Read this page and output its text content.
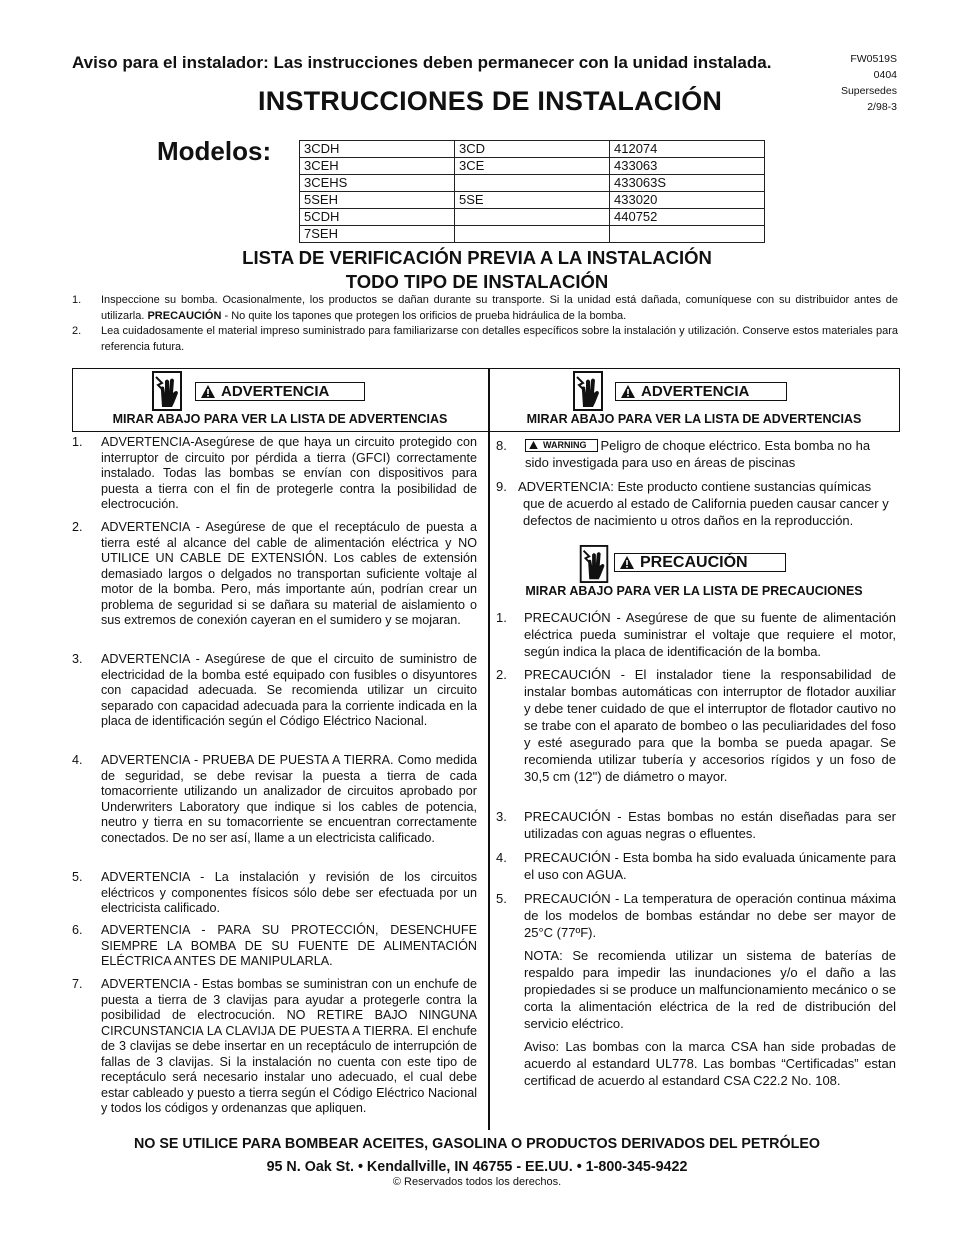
Aviso para el instalador: Las instrucciones deben permanecer con la unidad instalada.	FW0519S
0404
Supersedes
2/98-3
INSTRUCCIONES DE INSTALACIÓN
Modelos:	3CDH	3CD	412074
3CEH	3CE	433063
3CEHS		433063S
5SEH	5SE	433020
5CDH		440752
7SEH		
LISTA DE VERIFICACIÓN PREVIA A LA INSTALACIÓN
TODO TIPO DE INSTALACIÓN
1. Inspeccione su bomba. Ocasionalmente, los productos se dañan durante su transporte. Si la unidad está dañada, comuníquese con su distribuidor antes de utilizarla. PRECAUCIÓN - No quite los tapones que protegen los orificios de prueba hidráulica de la bomba.
2. Lea cuidadosamente el material impreso suministrado para familiarizarse con detalles específicos sobre la instalación y utilización. Conserve estos materiales para referencia futura.
ADVERTENCIA
MIRAR ABAJO PARA VER LA LISTA DE ADVERTENCIAS
ADVERTENCIA
MIRAR ABAJO PARA VER LA LISTA DE ADVERTENCIAS
1. ADVERTENCIA-Asegúrese de que haya un circuito protegido con interruptor de circuito por pérdida a tierra (GFCI) correctamente instalado. Todas las bombas se envían con dispositivos para puesta a tierra con el fin de protegerle contra la posibilidad de electrocución.
2. ADVERTENCIA - Asegúrese de que el receptáculo de puesta a tierra esté al alcance del cable de alimentación eléctrica y NO UTILICE UN CABLE DE EXTENSIÓN. Los cables de extensión demasiado largos o delgados no transportan suficiente voltaje al motor de la bomba. Pero, más importante aún, podrían crear un problema de seguridad si se dañara su material de aislamiento o sus extremos de conexión cayeran en el sumidero y se mojaran.
3. ADVERTENCIA - Asegúrese de que el circuito de suministro de electricidad de la bomba esté equipado con fusibles o disyuntores con capacidad adecuada. Se recomienda utilizar un circuito separado con capacidad adecuada para la corriente indicada en la placa de identificación según el Código Eléctrico Nacional.
4. ADVERTENCIA - PRUEBA DE PUESTA A TIERRA. Como medida de seguridad, se debe revisar la puesta a tierra de cada tomacorriente utilizando un analizador de circuitos aprobado por Underwriters Laboratory que indique si los cables de potencia, neutro y tierra en su tomacorriente se encuentran correctamente conectados. De no ser así, llame a un electricista calificado.
5. ADVERTENCIA - La instalación y revisión de los circuitos eléctricos y componentes físicos sólo debe ser efectuada por un electricista calificado.
6. ADVERTENCIA - PARA SU PROTECCIÓN, DESENCHUFE SIEMPRE LA BOMBA DE SU FUENTE DE ALIMENTACIÓN ELÉCTRICA ANTES DE MANIPULARLA.
7. ADVERTENCIA - Estas bombas se suministran con un enchufe de puesta a tierra de 3 clavijas para ayudar a protegerle contra la posibilidad de electrocución. NO RETIRE BAJO NINGUNA CIRCUNSTANCIA LA CLAVIJA DE PUESTA A TIERRA. El enchufe de 3 clavijas se debe insertar en un receptáculo de interrupción de fallas de 3 clavijas. Si la instalación no cuenta con este tipo de receptáculo será necesario instalar uno adecuado, el cual debe estar cableado y puesto a tierra según el Código Eléctrico Nacional y todos los códigos y ordenanzas que apliquen.
8.	WARNING Peligro de choque eléctrico. Esta bomba no ha sido investigada para uso en áreas de piscinas
9. ADVERTENCIA: Este producto contiene sustancias químicas que de acuerdo al estado de California pueden causar cancer y defectos de nacimiento u otros daños en la reproducción.
PRECAUCIÓN
MIRAR ABAJO PARA VER LA LISTA DE PRECAUCIONES
1. PRECAUCIÓN - Asegúrese de que su fuente de alimentación eléctrica pueda suministrar el voltaje que requiere el motor, según indica la placa de identificación de la bomba.
2. PRECAUCIÓN - El instalador tiene la responsabilidad de instalar bombas automáticas con interruptor de flotador auxiliar y debe tener cuidado de que el interruptor de flotador cautivo no se trabe con el aparato de bombeo o las peculiaridades del foso y esté asegurado para que la bomba se pueda apagar. Se recomienda utilizar tubería y accesorios rígidos y un foso de 30,5 cm (12") de diámetro o mayor.
3. PRECAUCIÓN - Estas bombas no están diseñadas para ser utilizadas con aguas negras o efluentes.
4. PRECAUCIÓN - Esta bomba ha sido evaluada únicamente para el uso con AGUA.
5. PRECAUCIÓN - La temperatura de operación continua máxima de los modelos de bombas estándar no debe ser mayor de 25°C (77ºF).
NOTA: Se recomienda utilizar un sistema de baterías de respaldo para impedir las inundaciones y/o el daño a las propiedades si se produce un malfuncionamiento mecánico o se corta la alimentación eléctrica de la red de distribución del servicio eléctrico.
Aviso: Las bombas con la marca CSA han side probadas de acuerdo al estandard UL778. Las bombas “Certificadas” estan certificad de acuerdo al estandard CSA C22.2 No. 108.
NO SE UTILICE PARA BOMBEAR ACEITES, GASOLINA O PRODUCTOS DERIVADOS DEL PETRÓLEO
95 N. Oak St. • Kendallville, IN 46755 - EE.UU. • 1-800-345-9422
© Reservados todos los derechos.
